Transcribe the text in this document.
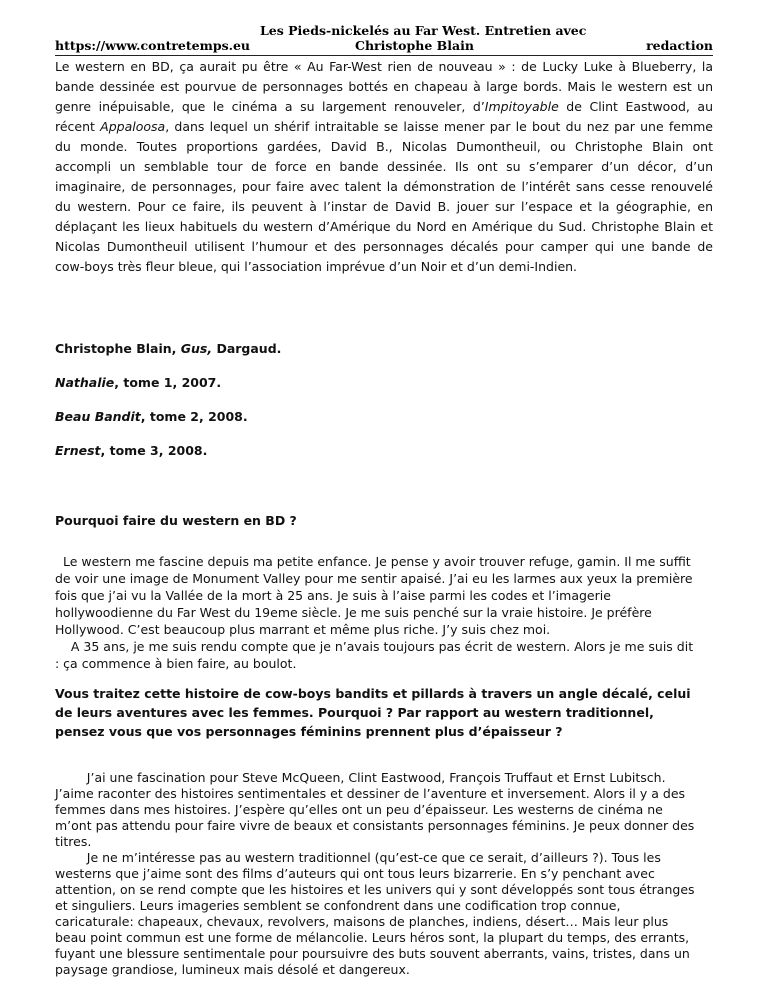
Les Pieds-nickelés au Far West. Entretien avec
https://www.contretemps.eu	Christophe Blain	redaction
Le western en BD, ça aurait pu être « Au Far-West rien de nouveau » : de Lucky Luke à Blueberry, la
bande dessinée est pourvue de personnages bottés en chapeau à large bords. Mais le western est un
genre inépuisable, que le cinéma a su largement renouveler, d’Impitoyable de Clint Eastwood, au
récent Appaloosa, dans lequel un shérif intraitable se laisse mener par le bout du nez par une femme
du monde. Toutes proportions gardées, David B., Nicolas Dumontheuil, ou Christophe Blain ont
accompli un semblable tour de force en bande dessinée. Ils ont su s’emparer d’un décor, d’un
imaginaire, de personnages, pour faire avec talent la démonstration de l’intérêt sans cesse renouvelé
du western. Pour ce faire, ils peuvent à l’instar de David B. jouer sur l’espace et la géographie, en
déplaçant les lieux habituels du western d’Amérique du Nord en Amérique du Sud. Christophe Blain et
Nicolas Dumontheuil utilisent l’humour et des personnages décalés pour camper qui une bande de
cow-boys très fleur bleue, qui l’association imprévue d’un Noir et d’un demi-Indien.
Christophe Blain, Gus, Dargaud.
Nathalie, tome 1, 2007.
Beau Bandit, tome 2, 2008.
Ernest, tome 3, 2008.
Pourquoi faire du western en BD ?
Le western me fascine depuis ma petite enfance. Je pense y avoir trouver refuge, gamin. Il me suffit
de voir une image de Monument Valley pour me sentir apaisé. J’ai eu les larmes aux yeux la première
fois que j’ai vu la Vallée de la mort à 25 ans. Je suis à l’aise parmi les codes et l’imagerie
hollywoodienne du Far West du 19eme siècle. Je me suis penché sur la vraie histoire. Je préfère
Hollywood. C’est beaucoup plus marrant et même plus riche. J’y suis chez moi.
A 35 ans, je me suis rendu compte que je n’avais toujours pas écrit de western. Alors je me suis dit
: ça commence à bien faire, au boulot.
Vous traitez cette histoire de cow-boys bandits et pillards à travers un angle décalé, celui
de leurs aventures avec les femmes. Pourquoi ? Par rapport au western traditionnel,
pensez vous que vos personnages féminins prennent plus d’épaisseur ?
J’ai une fascination pour Steve McQueen, Clint Eastwood, François Truffaut et Ernst Lubitsch.
J’aime raconter des histoires sentimentales et dessiner de l’aventure et inversement. Alors il y a des
femmes dans mes histoires. J’espère qu’elles ont un peu d’épaisseur. Les westerns de cinéma ne
m’ont pas attendu pour faire vivre de beaux et consistants personnages féminins. Je peux donner des
titres.
Je ne m’intéresse pas au western traditionnel (qu’est-ce que ce serait, d’ailleurs ?). Tous les
westerns que j’aime sont des films d’auteurs qui ont tous leurs bizarrerie. En s’y penchant avec
attention, on se rend compte que les histoires et les univers qui y sont développés sont tous étranges
et singuliers. Leurs imageries semblent se confondrent dans une codification trop connue,
caricaturale: chapeaux, chevaux, revolvers, maisons de planches, indiens, désert… Mais leur plus
beau point commun est une forme de mélancolie. Leurs héros sont, la plupart du temps, des errants,
fuyant une blessure sentimentale pour poursuivre des buts souvent aberrants, vains, tristes, dans un
paysage grandiose, lumineux mais désolé et dangereux.
